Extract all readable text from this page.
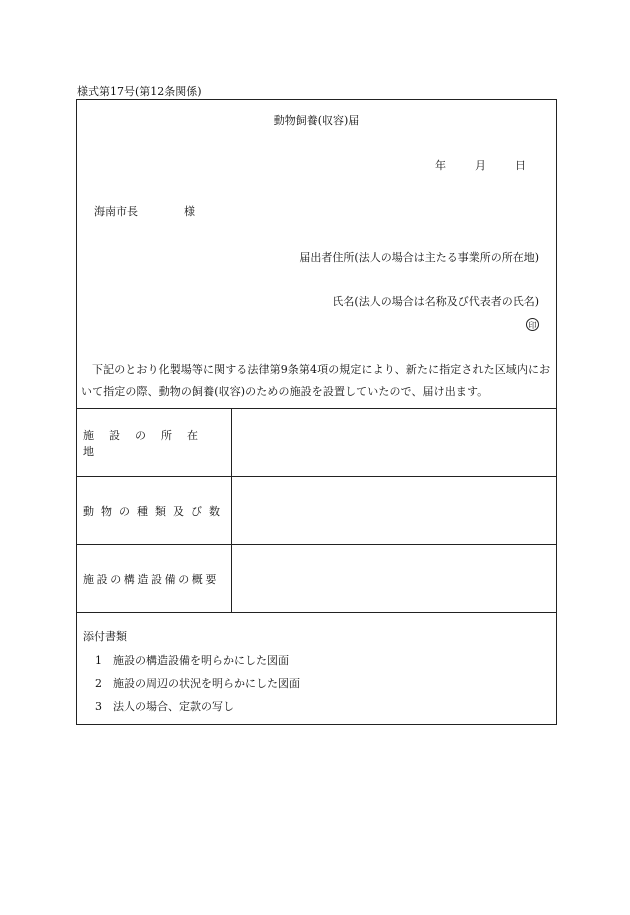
様式第17号(第12条関係)
動物飼養(収容)届
年	月	日
海南市長	様
届出者住所(法人の場合は主たる事業所の所在地)
氏名(法人の場合は名称及び代表者の氏名)
印
下記のとおり化製場等に関する法律第9条第4項の規定により、新たに指定された区域内において指定の際、動物の飼養(収容)のための施設を設置していたので、届け出ます。
施設の所在地
動物の種類及び数
施設の構造設備の概要
添付書類
1 施設の構造設備を明らかにした図面
2 施設の周辺の状況を明らかにした図面
3 法人の場合、定款の写し
